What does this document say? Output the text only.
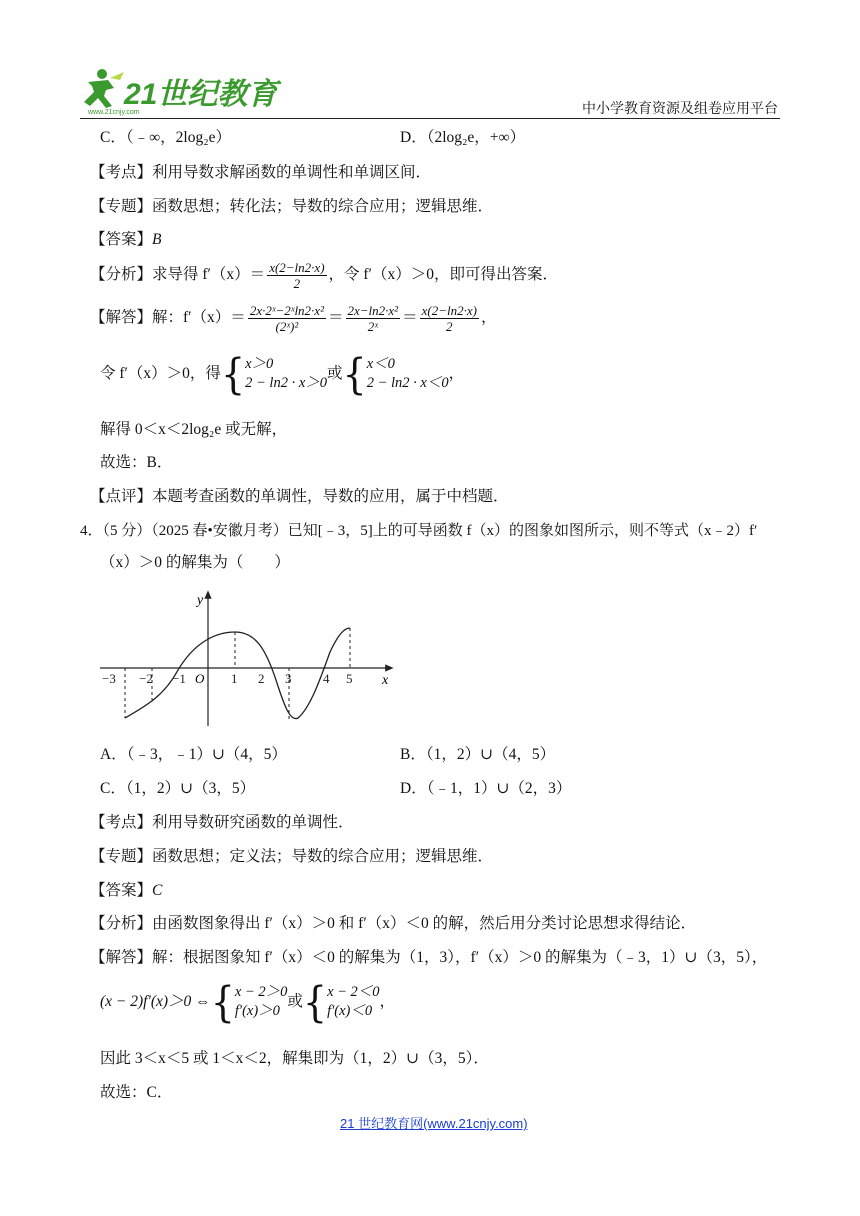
21世纪教育
www.21cnjy.com	中小学教育资源及组卷应用平台
C．（﹣∞，2log₂e）	D．（2log₂e，+∞）
【考点】利用导数求解函数的单调性和单调区间．
【专题】函数思想；转化法；导数的综合应用；逻辑思维．
【答案】B
【分析】求导得 $f'(x)= \frac{x(2-\ln 2\cdot x)}{2}$ ，令 f′（x）＞0，即可得出答案．
【解答】解：$f'(x)= \frac{\text{2x·2ˣ−2ˣln2·x²}}{\text{(2ˣ)²}} = \frac{\text{2x−ln2·x²}}{\text{2ˣ}} = \frac{x(2-\ln 2\cdot x)}{2}$ ，
令 f′（x）＞0，得{ x＞0
2 − ln2 · x＞0
或{ x＜0
2 − ln2 · x＜0
，
解得 0＜x＜2log₂e 或无解，
故选：B．
【点评】本题考查函数的单调性，导数的应用，属于中档题．
4．（5 分）（2025 春•安徽月考）已知[﹣3，5]上的可导函数 f（x）的图象如图所示，则不等式（x﹣2）f′
（x）＞0 的解集为（　　）
y
x
O
−3 −2 −1	1 2 3 4 5
A．（﹣3，﹣1）∪（4，5）	B．（1，2）∪（4，5）
C．（1，2）∪（3，5）	D．（﹣1，1）∪（2，3）
【考点】利用导数研究函数的单调性．
【专题】函数思想；定义法；导数的综合应用；逻辑思维．
【答案】C
【分析】由函数图象得出 f′（x）＞0 和 f′（x）＜0 的解，然后用分类讨论思想求得结论．
【解答】解：根据图象知 f′（x）＜0 的解集为（1，3），f′（x）＞0 的解集为（﹣3，1）∪（3，5），
(x − 2)f′(x)＞0 ⇔{ x − 2＞0
f′(x)＞0
或{ x − 2＜0
f′(x)＜0
，
因此 3＜x＜5 或 1＜x＜2，解集即为（1，2）∪（3，5）．
故选：C．
21 世纪教育网(www.21cnjy.com)
